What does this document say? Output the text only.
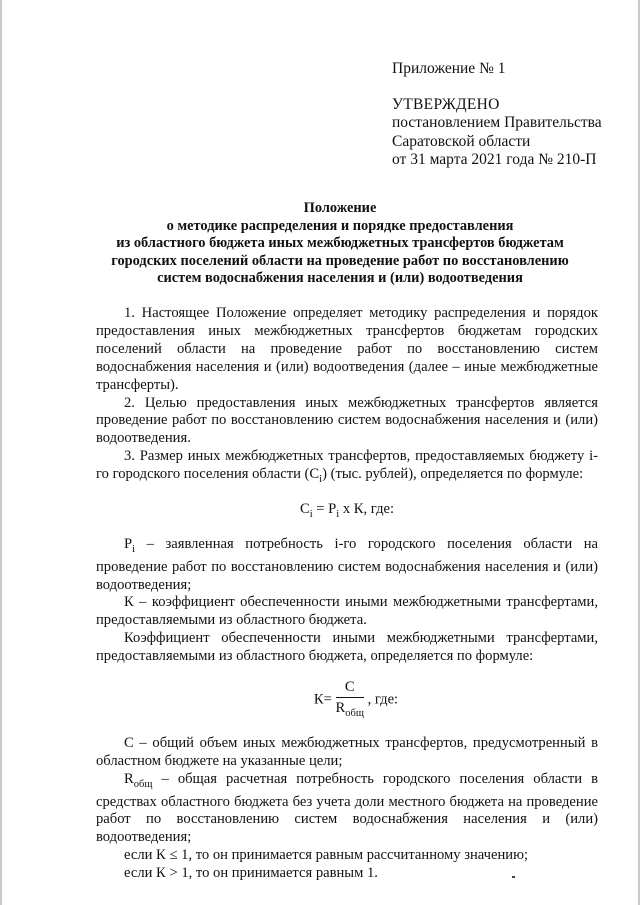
Приложение № 1
УТВЕРЖДЕНО
постановлением Правительства
Саратовской области
от 31 марта 2021 года № 210-П
Положение
о методике распределения и порядке предоставления
из областного бюджета иных межбюджетных трансфертов бюджетам
городских поселений области на проведение работ по восстановлению
систем водоснабжения населения и (или) водоотведения

1. Настоящее Положение определяет методику распределения и порядок предоставления иных межбюджетных трансфертов бюджетам городских поселений области на проведение работ по восстановлению систем водоснабжения населения и (или) водоотведения (далее – иные межбюджетные трансферты).

2. Целью предоставления иных межбюджетных трансфертов является проведение работ по восстановлению систем водоснабжения населения и (или) водоотведения.

3. Размер иных межбюджетных трансфертов, предоставляемых бюджету i-го городского поселения области $(С_i)$ (тыс. рублей), определяется по формуле:

$С_i = Р_i$ х К, где:

$Р_i$ – заявленная потребность i-го городского поселения области на проведение работ по восстановлению систем водоснабжения населения и (или) водоотведения;

К – коэффициент обеспеченности иными межбюджетными трансфертами, предоставляемыми из областного бюджета.

Коэффициент обеспеченности иными межбюджетными трансфертами, предоставляемыми из областного бюджета, определяется по формуле:

$К= \frac{С}{R_{общ}}$ , где:

С – общий объем иных межбюджетных трансфертов, предусмотренный в областном бюджете на указанные цели;

$R_{общ}$ – общая расчетная потребность городского поселения области в средствах областного бюджета без учета доли местного бюджета на проведение работ по восстановлению систем водоснабжения населения и (или) водоотведения;

если К ≤ 1, то он принимается равным рассчитанному значению;

если К > 1, то он принимается равным 1.
